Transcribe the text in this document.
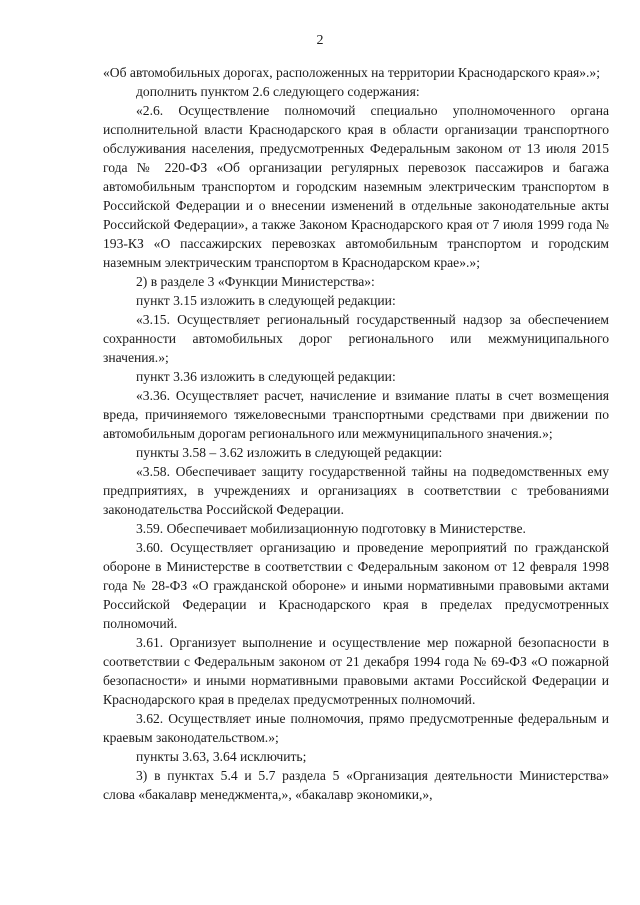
2

«Об автомобильных дорогах, расположенных на территории Краснодарского края».»;

дополнить пунктом 2.6 следующего содержания:

«2.6. Осуществление полномочий специально уполномоченного органа исполнительной власти Краснодарского края в области организации транспортного обслуживания населения, предусмотренных Федеральным законом от 13 июля 2015 года № 220-ФЗ «Об организации регулярных перевозок пассажиров и багажа автомобильным транспортом и городским наземным электрическим транспортом в Российской Федерации и о внесении изменений в отдельные законодательные акты Российской Федерации», а также Законом Краснодарского края от 7 июля 1999 года № 193-КЗ «О пассажирских перевозках автомобильным транспортом и городским наземным электрическим транспортом в Краснодарском крае».»;

2) в разделе 3 «Функции Министерства»:

пункт 3.15 изложить в следующей редакции:

«3.15. Осуществляет региональный государственный надзор за обеспечением сохранности автомобильных дорог регионального или межмуниципального значения.»;

пункт 3.36 изложить в следующей редакции:

«3.36. Осуществляет расчет, начисление и взимание платы в счет возмещения вреда, причиняемого тяжеловесными транспортными средствами при движении по автомобильным дорогам регионального или межмуниципального значения.»;

пункты 3.58 – 3.62 изложить в следующей редакции:

«3.58. Обеспечивает защиту государственной тайны на подведомственных ему предприятиях, в учреждениях и организациях в соответствии с требованиями законодательства Российской Федерации.

3.59. Обеспечивает мобилизационную подготовку в Министерстве.

3.60. Осуществляет организацию и проведение мероприятий по гражданской обороне в Министерстве в соответствии с Федеральным законом от 12 февраля 1998 года № 28-ФЗ «О гражданской обороне» и иными нормативными правовыми актами Российской Федерации и Краснодарского края в пределах предусмотренных полномочий.

3.61. Организует выполнение и осуществление мер пожарной безопасности в соответствии с Федеральным законом от 21 декабря 1994 года № 69-ФЗ «О пожарной безопасности» и иными нормативными правовыми актами Российской Федерации и Краснодарского края в пределах предусмотренных полномочий.

3.62. Осуществляет иные полномочия, прямо предусмотренные федеральным и краевым законодательством.»;

пункты 3.63, 3.64 исключить;

3) в пунктах 5.4 и 5.7 раздела 5 «Организация деятельности Министерства» слова «бакалавр менеджмента,», «бакалавр экономики,»,
